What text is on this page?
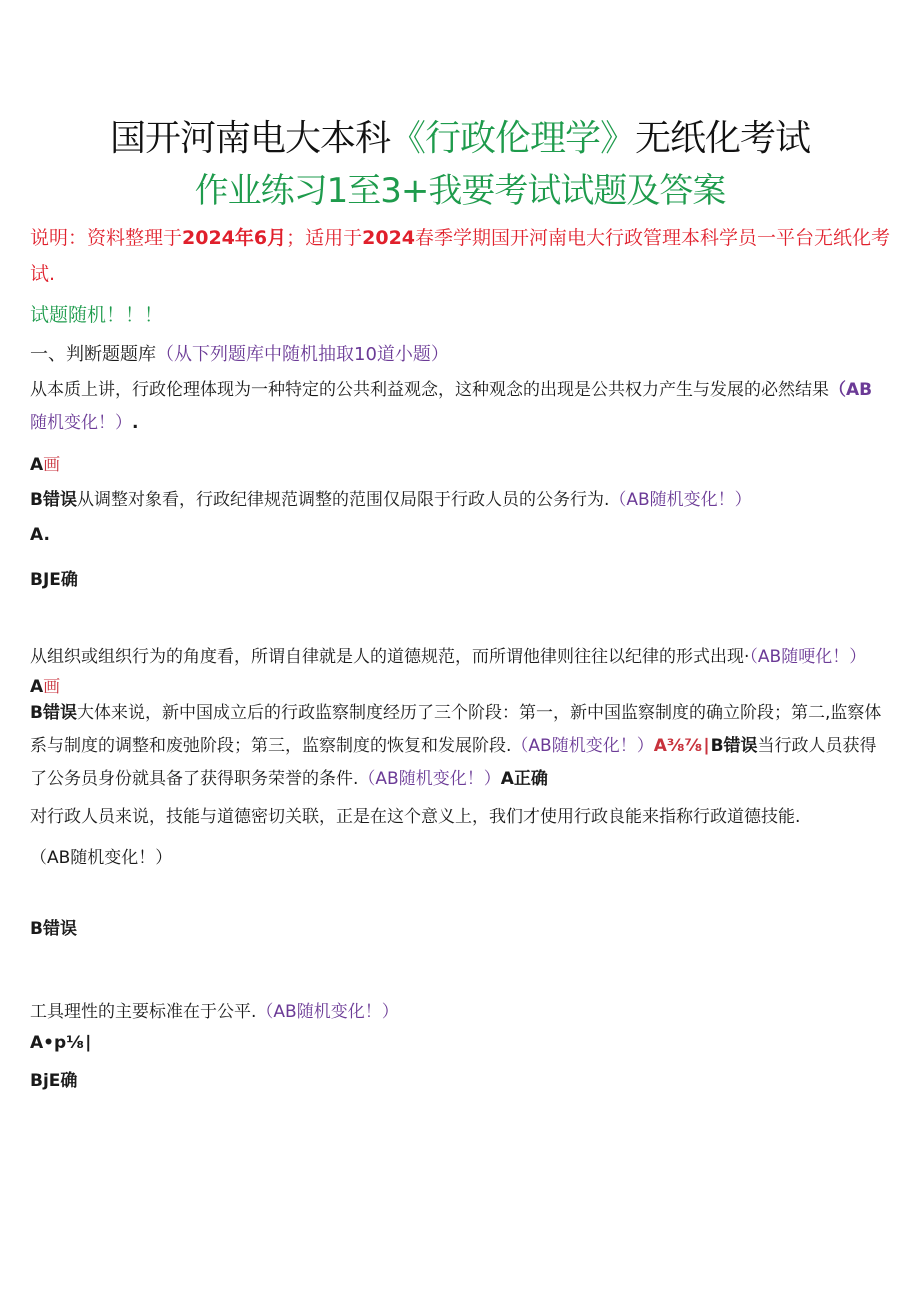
国开河南电大本科《行政伦理学》无纸化考试
作业练习1至3+我要考试试题及答案
说明：资料整理于2024年6月；适用于2024春季学期国开河南电大行政管理本科学员一平台无纸化考试.
试题随机！！！
一、判断题题库（从下列题库中随机抽取10道小题）
从本质上讲，行政伦理体现为一种特定的公共利益观念，这种观念的出现是公共权力产生与发展的必然结果（AB
随机变化！）.
A画
B错误从调整对象看，行政纪律规范调整的范围仅局限于行政人员的公务行为.（AB随机变化！）
A.
BJE确
从组织或组织行为的角度看，所谓自律就是人的道德规范，而所谓他律则往往以纪律的形式出现·（AB随哽化！）
A画
B错误大体来说，新中国成立后的行政监察制度经历了三个阶段：第一，新中国监察制度的确立阶段；第二,监察体系与制度的调整和废弛阶段；第三，监察制度的恢复和发展阶段.（AB随机变化！）A⅜⅞∣B错误当行政人员获得了公务员身份就具备了获得职务荣誉的条件.（AB随机变化！）A正确
对行政人员来说，技能与道德密切关联，正是在这个意义上，我们才使用行政良能来指称行政道德技能.
（AB随机变化！）
B错误
工具理性的主要标准在于公平.（AB随机变化！）
A•p⅛∣
BjE确
